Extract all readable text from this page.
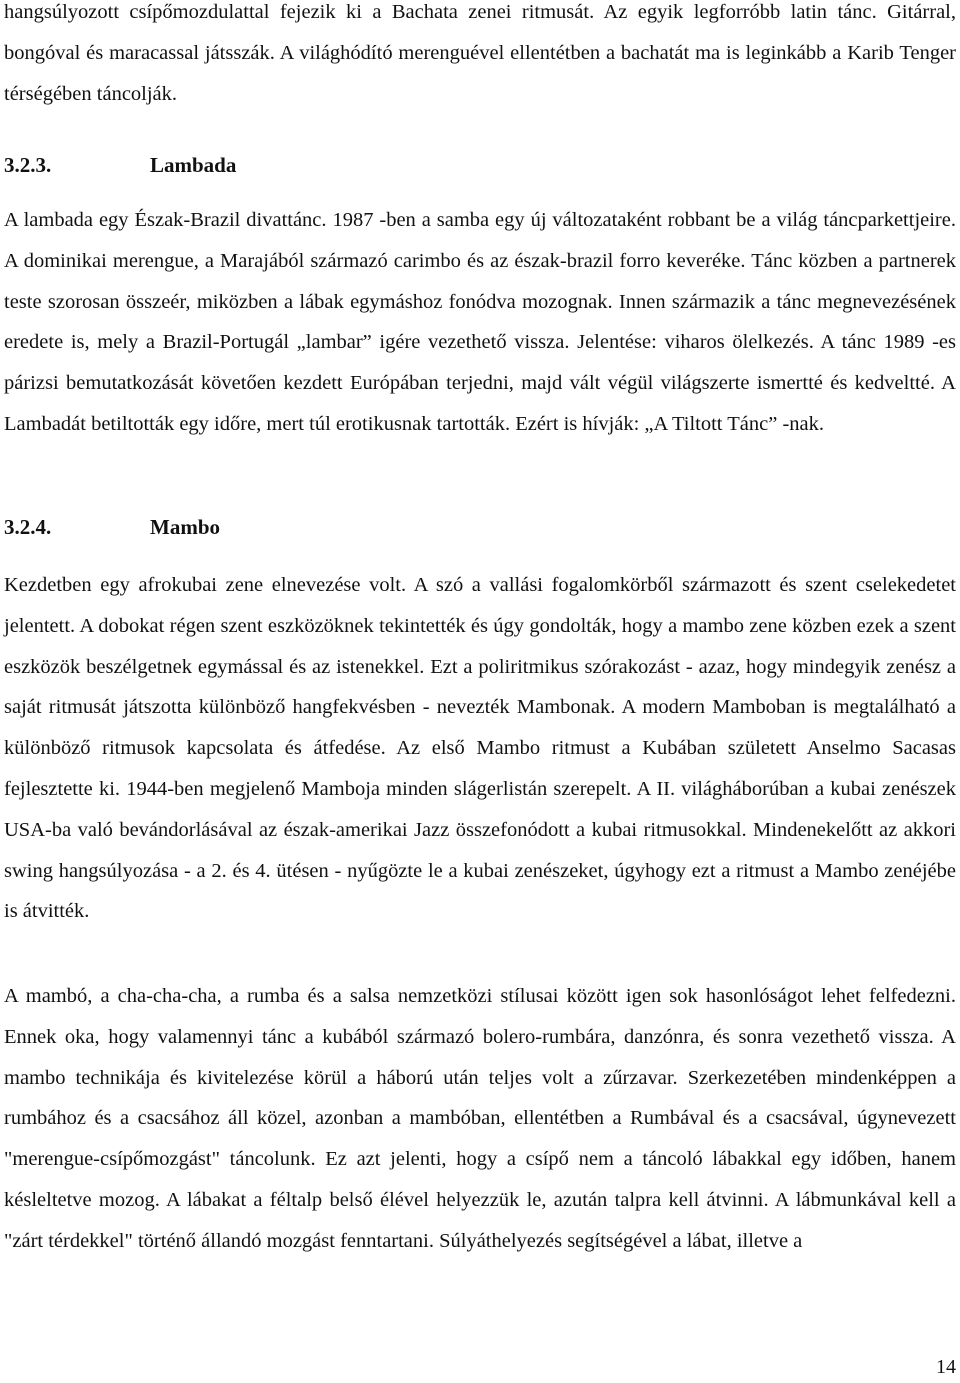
hangsúlyozott csípőmozdulattal fejezik ki a Bachata zenei ritmusát. Az egyik legforróbb latin tánc. Gitárral, bongóval és maracassal játsszák. A világhódító merenguével ellentétben a bachatát ma is leginkább a Karib Tenger térségében táncolják.

3.2.3.	Lambada

A lambada egy Észak-Brazil divattánc. 1987 -ben a samba egy új változataként robbant be a világ táncparkettjeire. A dominikai merengue, a Marajából származó carimbo és az észak-brazil forro keveréke. Tánc közben a partnerek teste szorosan összeér, miközben a lábak egymáshoz fonódva mozognak. Innen származik a tánc megnevezésének eredete is, mely a Brazil-Portugál „lambar” igére vezethető vissza. Jelentése: viharos ölelkezés. A tánc 1989 -es párizsi bemutatkozását követően kezdett Európában terjedni, majd vált végül világszerte ismertté és kedveltté. A Lambadát betiltották egy időre, mert túl erotikusnak tartották. Ezért is hívják: „A Tiltott Tánc” -nak.

3.2.4.	Mambo

Kezdetben egy afrokubai zene elnevezése volt. A szó a vallási fogalomkörből származott és szent cselekedetet jelentett. A dobokat régen szent eszközöknek tekintették és úgy gondolták, hogy a mambo zene közben ezek a szent eszközök beszélgetnek egymással és az istenekkel. Ezt a poliritmikus szórakozást - azaz, hogy mindegyik zenész a saját ritmusát játszotta különböző hangfekvésben - nevezték Mambonak. A modern Mamboban is megtalálható a különböző ritmusok kapcsolata és átfedése. Az első Mambo ritmust a Kubában született Anselmo Sacasas fejlesztette ki. 1944-ben megjelenő Mamboja minden slágerlistán szerepelt. A II. világháborúban a kubai zenészek USA-ba való bevándorlásával az észak-amerikai Jazz összefonódott a kubai ritmusokkal. Mindenekelőtt az akkori swing hangsúlyozása - a 2. és 4. ütésen - nyűgözte le a kubai zenészeket, úgyhogy ezt a ritmust a Mambo zenéjébe is átvitték.

A mambó, a cha-cha-cha, a rumba és a salsa nemzetközi stílusai között igen sok hasonlóságot lehet felfedezni. Ennek oka, hogy valamennyi tánc a kubából származó bolero-rumbára, danzónra, és sonra vezethető vissza. A mambo technikája és kivitelezése körül a háború után teljes volt a zűrzavar. Szerkezetében mindenképpen a rumbához és a csacsához áll közel, azonban a mambóban, ellentétben a Rumbával és a csacsával, úgynevezett "merengue-csípőmozgást" táncolunk. Ez azt jelenti, hogy a csípő nem a táncoló lábakkal egy időben, hanem késleltetve mozog. A lábakat a féltalp belső élével helyezzük le, azután talpra kell átvinni. A lábmunkával kell a "zárt térdekkel" történő állandó mozgást fenntartani. Súlyáthelyezés segítségével a lábat, illetve a

14
